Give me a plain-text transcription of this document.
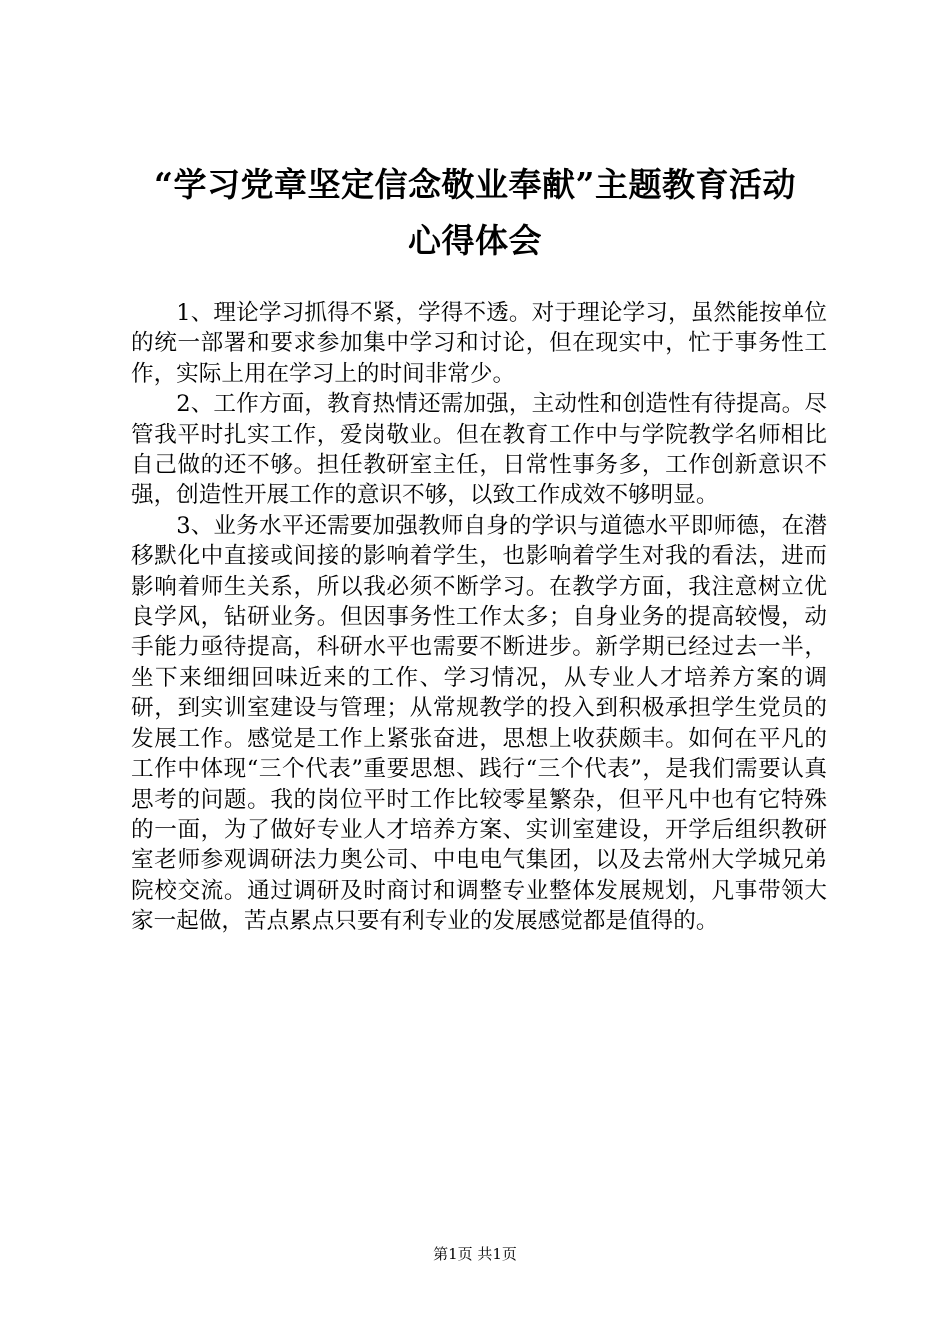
“学习党章坚定信念敬业奉献”主题教育活动
心得体会

1、理论学习抓得不紧，学得不透。对于理论学习，虽然能按单位的统一部署和要求参加集中学习和讨论，但在现实中，忙于事务性工作，实际上用在学习上的时间非常少。

2、工作方面，教育热情还需加强，主动性和创造性有待提高。尽管我平时扎实工作，爱岗敬业。但在教育工作中与学院教学名师相比自己做的还不够。担任教研室主任，日常性事务多，工作创新意识不强，创造性开展工作的意识不够，以致工作成效不够明显。

3、业务水平还需要加强教师自身的学识与道德水平即师德，在潜移默化中直接或间接的影响着学生，也影响着学生对我的看法，进而影响着师生关系，所以我必须不断学习。在教学方面，我注意树立优良学风，钻研业务。但因事务性工作太多；自身业务的提高较慢，动手能力亟待提高，科研水平也需要不断进步。新学期已经过去一半，坐下来细细回味近来的工作、学习情况，从专业人才培养方案的调研，到实训室建设与管理；从常规教学的投入到积极承担学生党员的发展工作。感觉是工作上紧张奋进，思想上收获颇丰。如何在平凡的工作中体现“三个代表”重要思想、践行“三个代表”，是我们需要认真思考的问题。我的岗位平时工作比较零星繁杂，但平凡中也有它特殊的一面，为了做好专业人才培养方案、实训室建设，开学后组织教研室老师参观调研法力奥公司、中电电气集团，以及去常州大学城兄弟院校交流。通过调研及时商讨和调整专业整体发展规划，凡事带领大家一起做，苦点累点只要有利专业的发展感觉都是值得的。

第1页 共1页
